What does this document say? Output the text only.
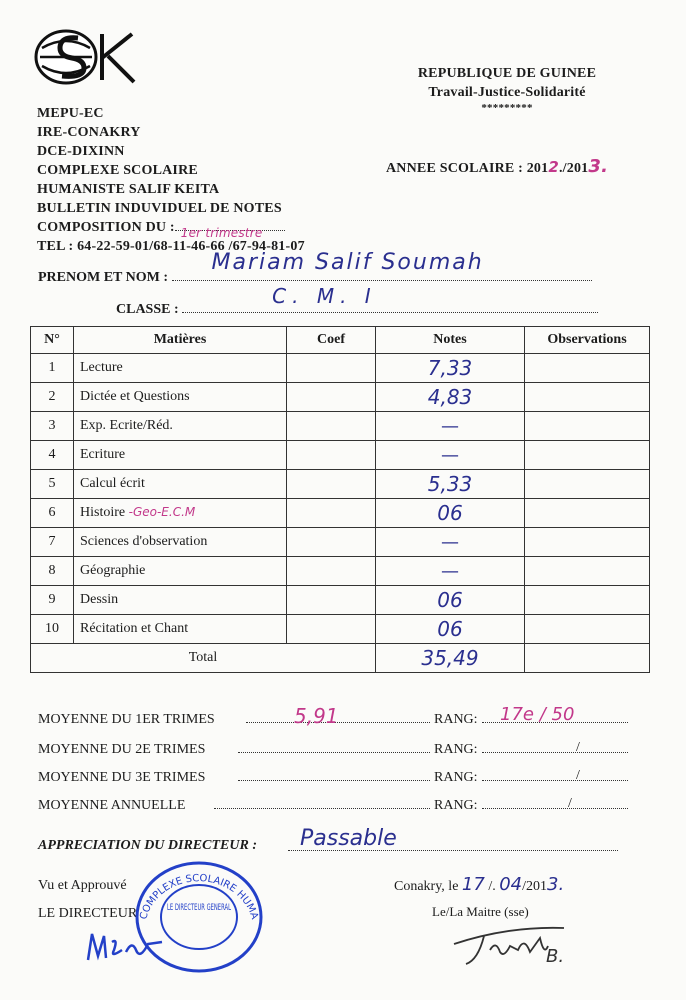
MEPU-EC
IRE-CONAKRY
DCE-DIXINN
COMPLEXE SCOLAIRE
HUMANISTE SALIF KEITA
BULLETIN INDUVIDUEL DE NOTES
COMPOSITION DU : 1er trimestre
TEL : 64-22-59-01/68-11-46-66 /67-94-81-07
REPUBLIQUE DE GUINEE
Travail-Justice-Solidarité
*********
ANNEE SCOLAIRE : 2012./2013.
PRENOM ET NOM :
Mariam Salif Soumah
CLASSE :
C. M. I
N°	Matières	Coef	Notes	Observations
1	Lecture		7,33	
2	Dictée et Questions		4,83	
3	Exp. Ecrite/Réd.		—	
4	Ecriture		—	
5	Calcul écrit		5,33	
6	Histoire -Geo-E.C.M		06	
7	Sciences d'observation		—	
8	Géographie		—	
9	Dessin		06	
10	Récitation et Chant		06	
Total			35,49	
MOYENNE DU 1ER TRIMES	5,91	RANG: 17e / 50
MOYENNE DU 2E TRIMES	RANG:	/
MOYENNE DU 3E TRIMES	RANG:	/
MOYENNE ANNUELLE	RANG:	/
APPRECIATION DU DIRECTEUR : Passable
Vu et Approuvé
LE DIRECTEUR COMPLEXE SCOLAIRE HUMA
LE DIRECTEUR GENERAL
Conakry, le 17 /. 04/2013.
Le/La Maitre (sse)
B.
